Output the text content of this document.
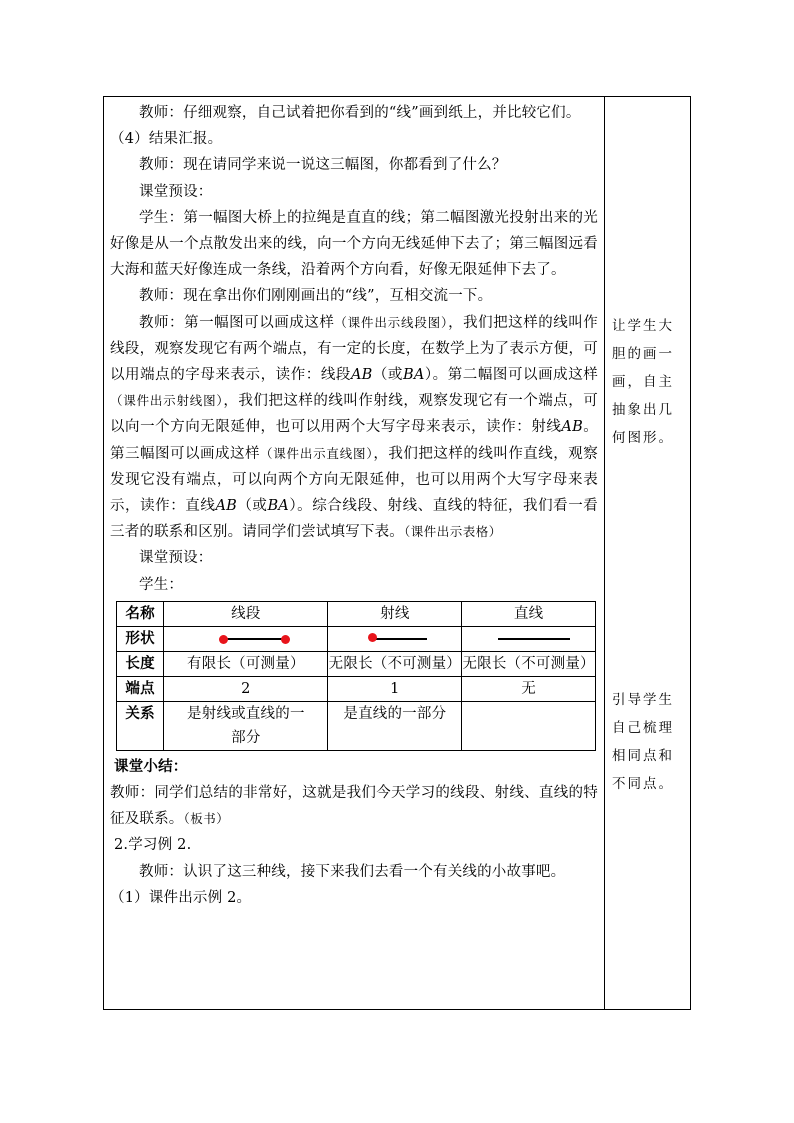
教师：仔细观察，自己试着把你看到的“线”画到纸上，并比较它们。

（4）结果汇报。

教师：现在请同学来说一说这三幅图，你都看到了什么？

课堂预设：

学生：第一幅图大桥上的拉绳是直直的线；第二幅图激光投射出来的光好像是从一个点散发出来的线，向一个方向无线延伸下去了；第三幅图远看大海和蓝天好像连成一条线，沿着两个方向看，好像无限延伸下去了。

教师：现在拿出你们刚刚画出的“线”，互相交流一下。

教师：第一幅图可以画成这样（课件出示线段图），我们把这样的线叫作线段，观察发现它有两个端点，有一定的长度，在数学上为了表示方便，可以用端点的字母来表示，读作：线段AB（或BA）。第二幅图可以画成这样（课件出示射线图），我们把这样的线叫作射线，观察发现它有一个端点，可以向一个方向无限延伸，也可以用两个大写字母来表示，读作：射线AB。第三幅图可以画成这样（课件出示直线图），我们把这样的线叫作直线，观察发现它没有端点，可以向两个方向无限延伸，也可以用两个大写字母来表示，读作：直线AB（或BA）。综合线段、射线、直线的特征，我们看一看三者的联系和区别。请同学们尝试填写下表。（课件出示表格）

课堂预设：

学生：

名称	线段	射线	直线
形状	

长度	有限长（可测量）	无限长（不可测量）	无限长（不可测量）
端点	2	1	无
关系	是射线或直线的一部分	是直线的一部分	

课堂小结：

教师：同学们总结的非常好，这就是我们今天学习的线段、射线、直线的特征及联系。（板书）

2.学习例 2.

教师：认识了这三种线，接下来我们去看一个有关线的小故事吧。

（1）课件出示例 2。

让学生大胆的画一画，自主抽象出几何图形。
引导学生自己梳理相同点和不同点。
